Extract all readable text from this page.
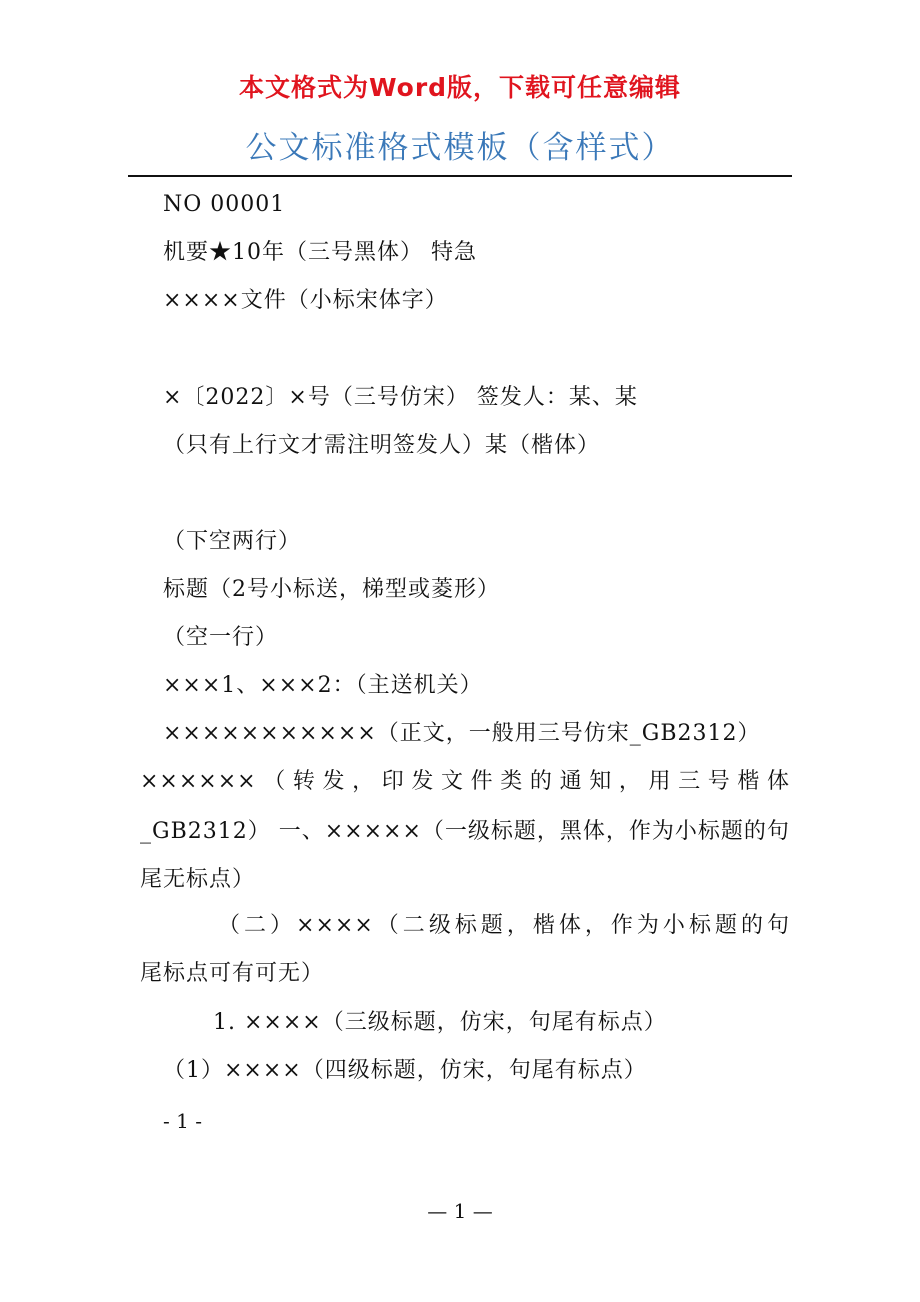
本文格式为Word版，下载可任意编辑
公文标准格式模板（含样式）
NO 00001
机要★10年（三号黑体） 特急
××××文件（小标宋体字）
×〔2022〕×号（三号仿宋） 签发人：某、某
（只有上行文才需注明签发人）某（楷体）
（下空两行）
标题（2号小标送，梯型或菱形）
（空一行）
×××1、×××2：（主送机关）
×××××××××××（正文，一般用三号仿宋_GB2312）
××××××（转发，印发文件类的通知，用三号楷体
_GB2312） 一、×××××（一级标题，黑体，作为小标题的句尾无标点）
（二）××××（二级标题，楷体，作为小标题的句
尾标点可有可无）
1. ××××（三级标题，仿宋，句尾有标点）
（1）××××（四级标题，仿宋，句尾有标点）
- 1 -
— 1 —
